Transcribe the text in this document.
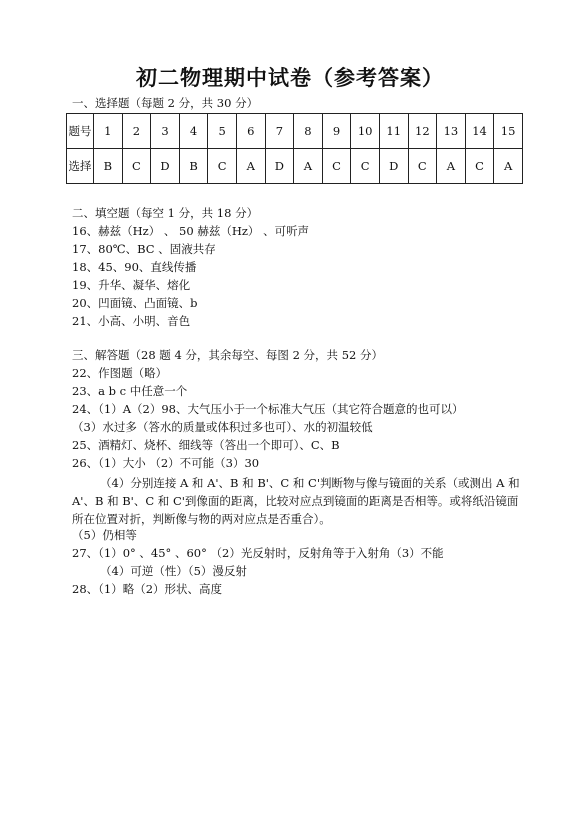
初二物理期中试卷（参考答案）
一、选择题（每题 2 分，共 30 分）
题号	1	2	3	4	5	6	7	8	9	10	11	12	13	14	15
选择	B	C	D	B	C	A	D	A	C	C	D	C	A	C	A
二、填空题（每空 1 分，共 18 分）
16、赫兹（Hz） 、 50 赫兹（Hz） 、可听声
17、80℃、BC 、固液共存
18、45、90、直线传播
19、升华、凝华、熔化
20、凹面镜、凸面镜、b
21、小高、小明、音色
三、解答题（28 题 4 分，其余每空、每图 2 分，共 52 分）
22、作图题（略）
23、a b c 中任意一个
24、（1）A（2）98、大气压小于一个标准大气压（其它符合题意的也可以）
（3）水过多（答水的质量或体积过多也可）、水的初温较低
25、酒精灯、烧杯、细线等（答出一个即可）、C、B
26、（1）大小 （2）不可能（3）30
（4）分别连接 A 和 A'、B 和 B'、C 和 C'判断物与像与镜面的关系（或测出 A 和 A'、B 和 B'、C 和 C'到像面的距离，比较对应点到镜面的距离是否相等。或将纸沿镜面所在位置对折，判断像与物的两对应点是否重合）。
（5）仍相等
27、（1）0° 、45° 、60° （2）光反射时，反射角等于入射角（3）不能
（4）可逆（性）（5）漫反射
28、（1）略（2）形状、高度
